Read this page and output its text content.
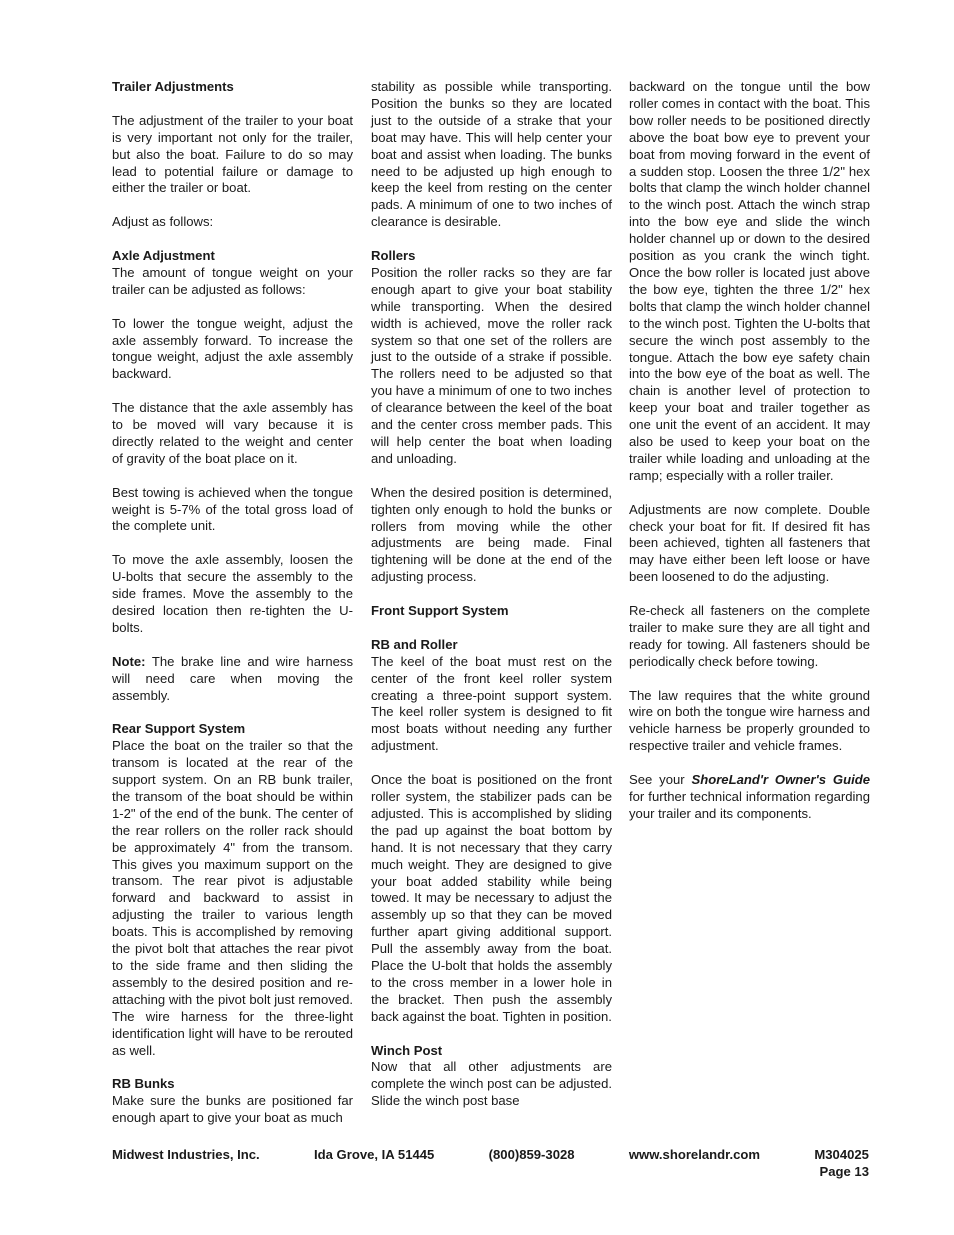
Trailer Adjustments

The adjustment of the trailer to your boat is very important not only for the trailer, but also the boat. Failure to do so may lead to potential failure or damage to either the trailer or boat.

Adjust as follows:

Axle Adjustment

The amount of tongue weight on your trailer can be adjusted as follows:

To lower the tongue weight, adjust the axle assembly forward. To increase the tongue weight, adjust the axle assembly backward.

The distance that the axle assembly has to be moved will vary because it is directly related to the weight and center of gravity of the boat place on it.

Best towing is achieved when the tongue weight is 5-7% of the total gross load of the complete unit.

To move the axle assembly, loosen the U-bolts that secure the assembly to the side frames. Move the assembly to the desired location then re-tighten the U-bolts.

Note: The brake line and wire harness will need care when moving the assembly.

Rear Support System

Place the boat on the trailer so that the transom is located at the rear of the support system. On an RB bunk trailer, the transom of the boat should be within 1-2" of the end of the bunk. The center of the rear rollers on the roller rack should be approximately 4" from the transom. This gives you maximum support on the transom. The rear pivot is adjustable forward and backward to assist in adjusting the trailer to various length boats. This is accomplished by removing the pivot bolt that attaches the rear pivot to the side frame and then sliding the assembly to the desired position and re-attaching with the pivot bolt just removed. The wire harness for the three-light identification light will have to be rerouted as well.

RB Bunks

Make sure the bunks are positioned far enough apart to give your boat as much

stability as possible while transporting. Position the bunks so they are located just to the outside of a strake that your boat may have. This will help center your boat and assist when loading. The bunks need to be adjusted up high enough to keep the keel from resting on the center pads. A minimum of one to two inches of clearance is desirable.

Rollers

Position the roller racks so they are far enough apart to give your boat stability while transporting. When the desired width is achieved, move the roller rack system so that one set of the rollers are just to the outside of a strake if possible. The rollers need to be adjusted so that you have a minimum of one to two inches of clearance between the keel of the boat and the center cross member pads. This will help center the boat when loading and unloading.

When the desired position is determined, tighten only enough to hold the bunks or rollers from moving while the other adjustments are being made. Final tightening will be done at the end of the adjusting process.

Front Support System
RB and Roller

The keel of the boat must rest on the center of the front keel roller system creating a three-point support system. The keel roller system is designed to fit most boats without needing any further adjustment.

Once the boat is positioned on the front roller system, the stabilizer pads can be adjusted. This is accomplished by sliding the pad up against the boat bottom by hand. It is not necessary that they carry much weight. They are designed to give your boat added stability while being towed. It may be necessary to adjust the assembly up so that they can be moved further apart giving additional support. Pull the assembly away from the boat. Place the U-bolt that holds the assembly to the cross member in a lower hole in the bracket. Then push the assembly back against the boat. Tighten in position.

Winch Post

Now that all other adjustments are complete the winch post can be adjusted. Slide the winch post base

backward on the tongue until the bow roller comes in contact with the boat. This bow roller needs to be positioned directly above the boat bow eye to prevent your boat from moving forward in the event of a sudden stop. Loosen the three 1/2" hex bolts that clamp the winch holder channel to the winch post. Attach the winch strap into the bow eye and slide the winch holder channel up or down to the desired position as you crank the winch tight. Once the bow roller is located just above the bow eye, tighten the three 1/2" hex bolts that clamp the winch holder channel to the winch post. Tighten the U-bolts that secure the winch post assembly to the tongue. Attach the bow eye safety chain into the bow eye of the boat as well. The chain is another level of protection to keep your boat and trailer together as one unit the event of an accident. It may also be used to keep your boat on the trailer while loading and unloading at the ramp; especially with a roller trailer.

Adjustments are now complete. Double check your boat for fit. If desired fit has been achieved, tighten all fasteners that may have either been left loose or have been loosened to do the adjusting.

Re-check all fasteners on the complete trailer to make sure they are all tight and ready for towing. All fasteners should be periodically check before towing.

The law requires that the white ground wire on both the tongue wire harness and vehicle harness be properly grounded to respective trailer and vehicle frames.

See your ShoreLand'r Owner's Guide for further technical information regarding your trailer and its components.

Midwest Industries, Inc.	Ida Grove, IA 51445	(800)859-3028	www.shorelandr.com	M304025
Page 13
